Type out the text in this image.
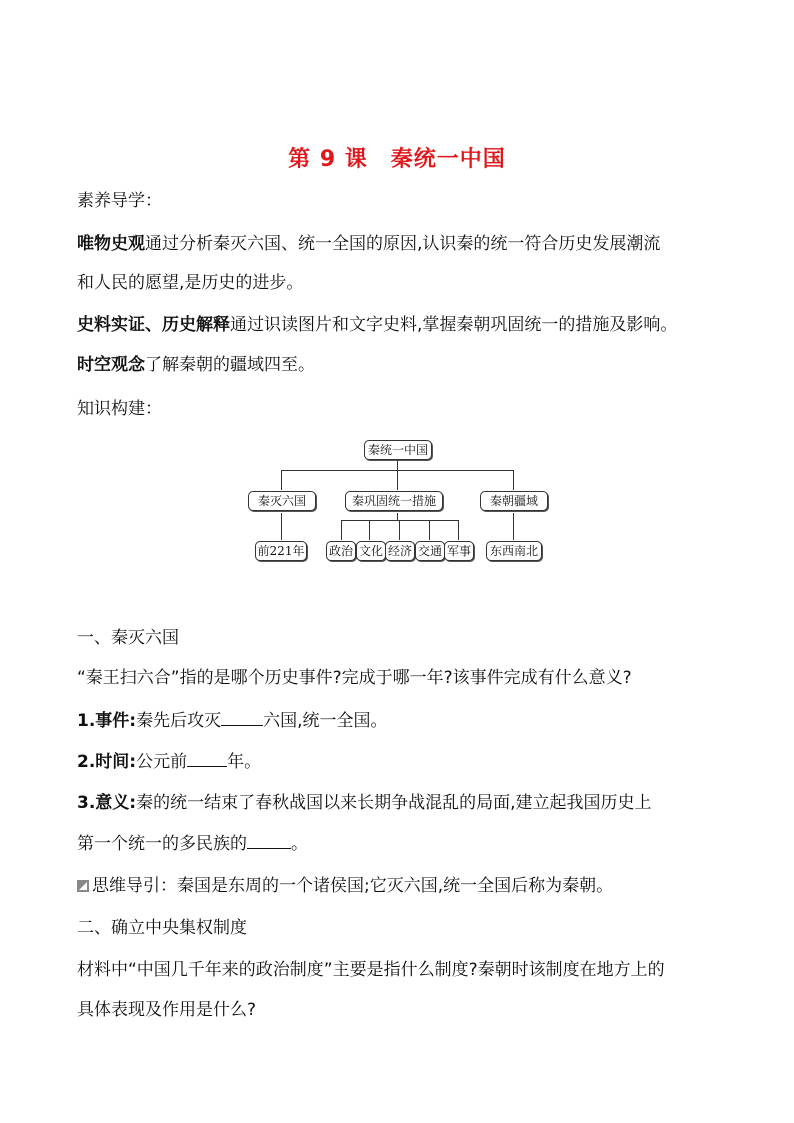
第 9 课　秦统一中国
素养导学：
唯物史观通过分析秦灭六国、统一全国的原因,认识秦的统一符合历史发展潮流
和人民的愿望,是历史的进步。
史料实证、历史解释通过识读图片和文字史料,掌握秦朝巩固统一的措施及影响。
时空观念了解秦朝的疆域四至。
知识构建：
秦统一中国
秦灭六国	秦巩固统一措施	秦朝疆域
前221年 政治 文化 经济 交通 军事	东西南北
一、秦灭六国
“秦王扫六合”指的是哪个历史事件?完成于哪一年?该事件完成有什么意义?
1.事件:秦先后攻灭 六国,统一全国。
2.时间:公元前 年。
3.意义:秦的统一结束了春秋战国以来长期争战混乱的局面,建立起我国历史上
第一个统一的多民族的	。
思维导引：秦国是东周的一个诸侯国;它灭六国,统一全国后称为秦朝。
二、确立中央集权制度
材料中“中国几千年来的政治制度”主要是指什么制度?秦朝时该制度在地方上的
具体表现及作用是什么?
